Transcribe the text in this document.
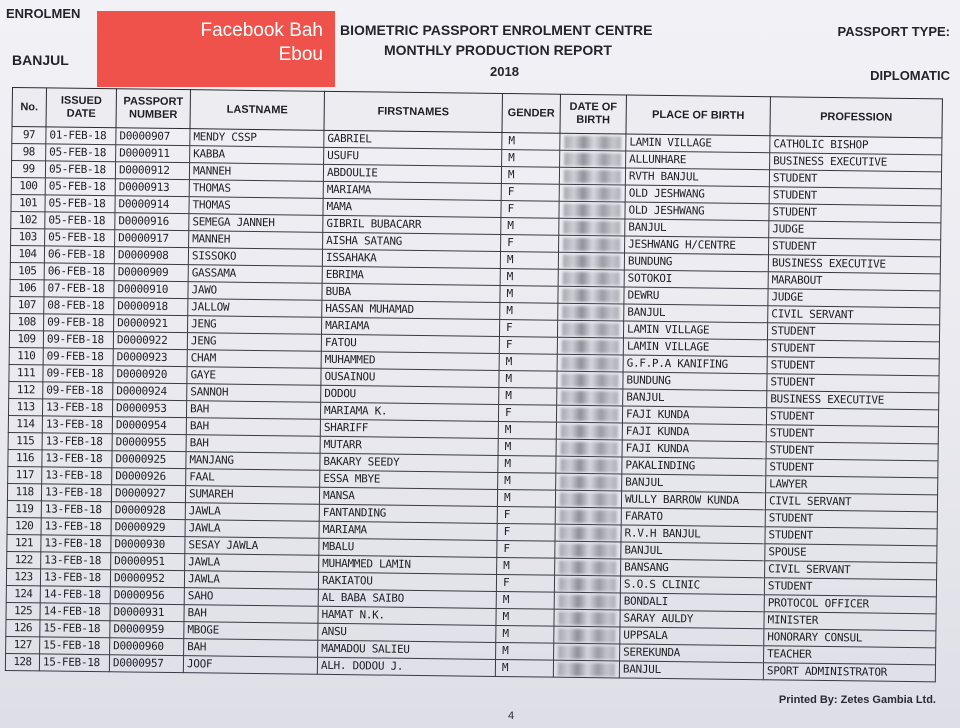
ENROLMEN
BANJUL
BIOMETRIC PASSPORT ENROLMENT CENTRE
MONTHLY PRODUCTION REPORT
2018
PASSPORT TYPE:
DIPLOMATIC
Facebook Bah
Ebou
No.	ISSUED DATE	PASSPORT NUMBER	LASTNAME	FIRSTNAMES	GENDER	DATE OF BIRTH	PLACE OF BIRTH	PROFESSION
97	01-FEB-18	D0000907	MENDY CSSP	GABRIEL	M		LAMIN VILLAGE	CATHOLIC BISHOP
98	05-FEB-18	D0000911	KABBA	USUFU	M		ALLUNHARE	BUSINESS EXECUTIVE
99	05-FEB-18	D0000912	MANNEH	ABDOULIE	M		RVTH BANJUL	STUDENT
100	05-FEB-18	D0000913	THOMAS	MARIAMA	F		OLD JESHWANG	STUDENT
101	05-FEB-18	D0000914	THOMAS	MAMA	F		OLD JESHWANG	STUDENT
102	05-FEB-18	D0000916	SEMEGA JANNEH	GIBRIL BUBACARR	M		BANJUL	JUDGE
103	05-FEB-18	D0000917	MANNEH	AISHA SATANG	F		JESHWANG H/CENTRE	STUDENT
104	06-FEB-18	D0000908	SISSOKO	ISSAHAKA	M		BUNDUNG	BUSINESS EXECUTIVE
105	06-FEB-18	D0000909	GASSAMA	EBRIMA	M		SOTOKOI	MARABOUT
106	07-FEB-18	D0000910	JAWO	BUBA	M		DEWRU	JUDGE
107	08-FEB-18	D0000918	JALLOW	HASSAN MUHAMAD	M		BANJUL	CIVIL SERVANT
108	09-FEB-18	D0000921	JENG	MARIAMA	F		LAMIN VILLAGE	STUDENT
109	09-FEB-18	D0000922	JENG	FATOU	F		LAMIN VILLAGE	STUDENT
110	09-FEB-18	D0000923	CHAM	MUHAMMED	M		G.F.P.A KANIFING	STUDENT
111	09-FEB-18	D0000920	GAYE	OUSAINOU	M		BUNDUNG	STUDENT
112	09-FEB-18	D0000924	SANNOH	DODOU	M		BANJUL	BUSINESS EXECUTIVE
113	13-FEB-18	D0000953	BAH	MARIAMA K.	F		FAJI KUNDA	STUDENT
114	13-FEB-18	D0000954	BAH	SHARIFF	M		FAJI KUNDA	STUDENT
115	13-FEB-18	D0000955	BAH	MUTARR	M		FAJI KUNDA	STUDENT
116	13-FEB-18	D0000925	MANJANG	BAKARY SEEDY	M		PAKALINDING	STUDENT
117	13-FEB-18	D0000926	FAAL	ESSA MBYE	M		BANJUL	LAWYER
118	13-FEB-18	D0000927	SUMAREH	MANSA	M		WULLY BARROW KUNDA	CIVIL SERVANT
119	13-FEB-18	D0000928	JAWLA	FANTANDING	F		FARATO	STUDENT
120	13-FEB-18	D0000929	JAWLA	MARIAMA	F		R.V.H BANJUL	STUDENT
121	13-FEB-18	D0000930	SESAY JAWLA	MBALU	F		BANJUL	SPOUSE
122	13-FEB-18	D0000951	JAWLA	MUHAMMED LAMIN	M		BANSANG	CIVIL SERVANT
123	13-FEB-18	D0000952	JAWLA	RAKIATOU	F		S.O.S CLINIC	STUDENT
124	14-FEB-18	D0000956	SAHO	AL BABA SAIBO	M		BONDALI	PROTOCOL OFFICER
125	14-FEB-18	D0000931	BAH	HAMAT N.K.	M		SARAY AULDY	MINISTER
126	15-FEB-18	D0000959	MBOGE	ANSU	M		UPPSALA	HONORARY CONSUL
127	15-FEB-18	D0000960	BAH	MAMADOU SALIEU	M		SEREKUNDA	TEACHER
128	15-FEB-18	D0000957	JOOF	ALH. DODOU J.	M		BANJUL	SPORT ADMINISTRATOR
Printed By: Zetes Gambia Ltd.
4
